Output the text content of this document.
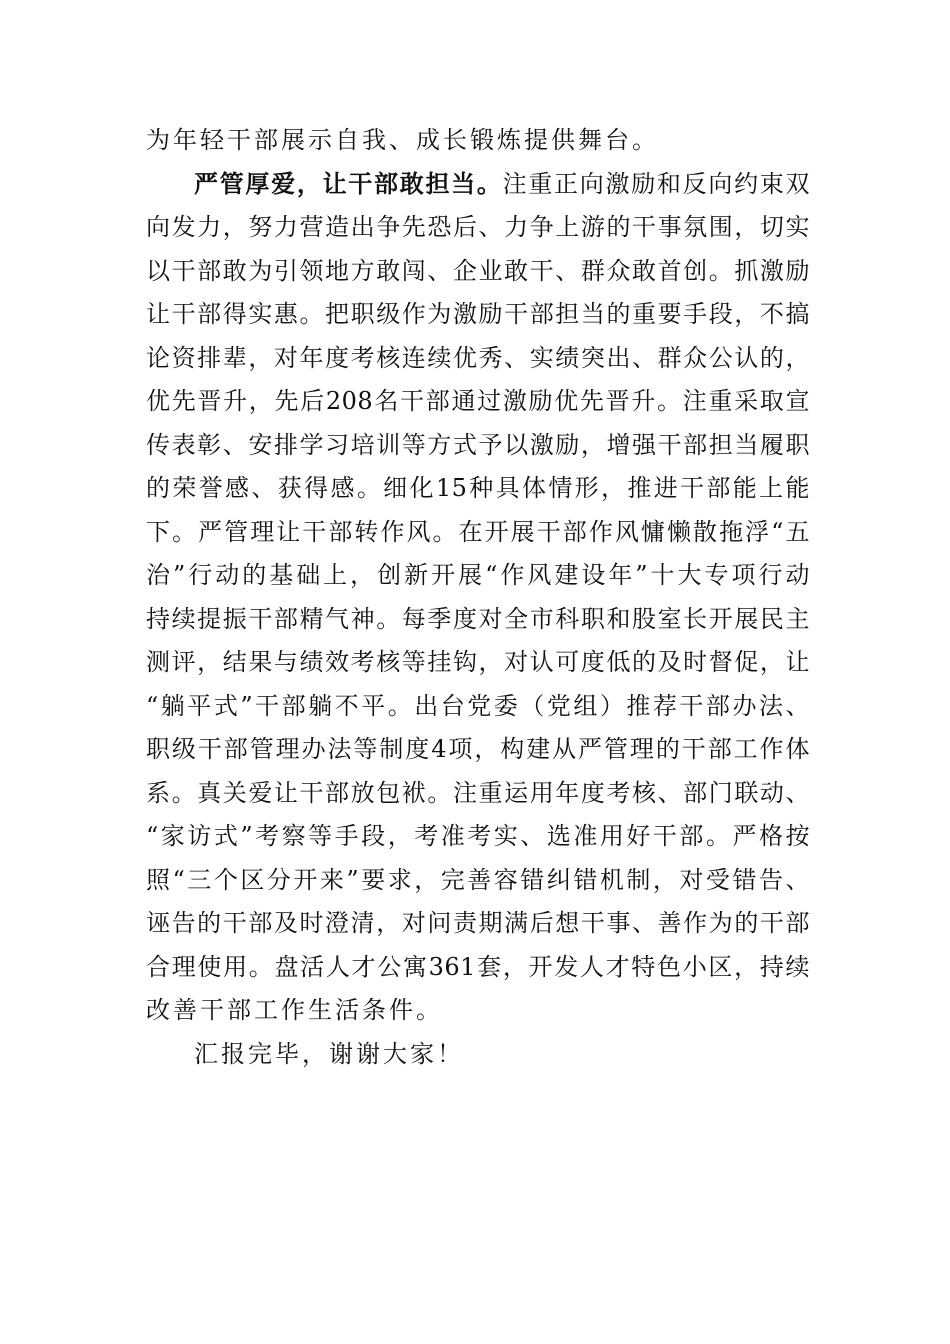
为年轻干部展示自我、成长锻炼提供舞台。
严管厚爱，让干部敢担当。注重正向激励和反向约束双
向发力，努力营造出争先恐后、力争上游的干事氛围，切实
以干部敢为引领地方敢闯、企业敢干、群众敢首创。抓激励
让干部得实惠。把职级作为激励干部担当的重要手段，不搞
论资排辈，对年度考核连续优秀、实绩突出、群众公认的，
优先晋升，先后208名干部通过激励优先晋升。注重采取宣
传表彰、安排学习培训等方式予以激励，增强干部担当履职
的荣誉感、获得感。细化15种具体情形，推进干部能上能
下。严管理让干部转作风。在开展干部作风慵懒散拖浮“五
治”行动的基础上，创新开展“作风建设年”十大专项行动
持续提振干部精气神。每季度对全市科职和股室长开展民主
测评，结果与绩效考核等挂钩，对认可度低的及时督促，让
“躺平式”干部躺不平。出台党委（党组）推荐干部办法、
职级干部管理办法等制度4项，构建从严管理的干部工作体
系。真关爱让干部放包袱。注重运用年度考核、部门联动、
“家访式”考察等手段，考准考实、选准用好干部。严格按
照“三个区分开来”要求，完善容错纠错机制，对受错告、
诬告的干部及时澄清，对问责期满后想干事、善作为的干部
合理使用。盘活人才公寓361套，开发人才特色小区，持续
改善干部工作生活条件。
汇报完毕，谢谢大家！
